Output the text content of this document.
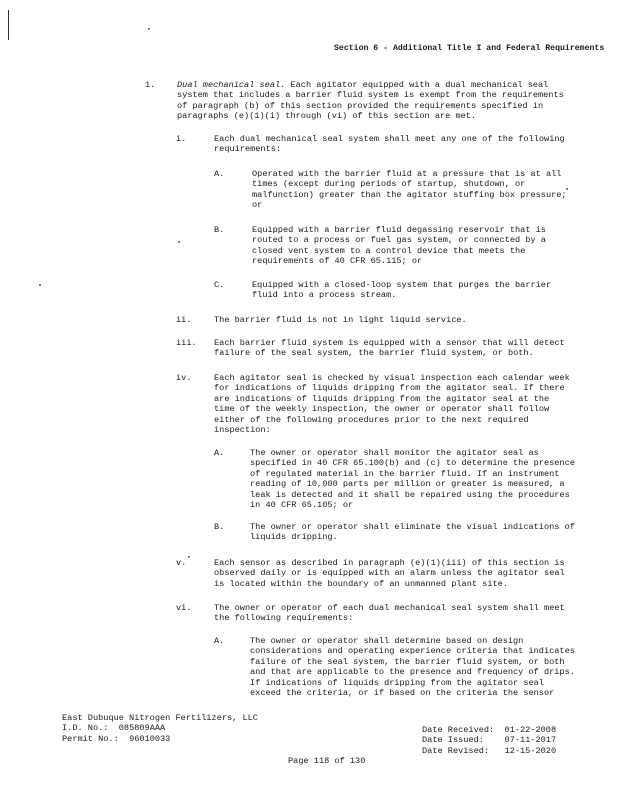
Section 6 - Additional Title I and Federal Requirements
1.	Dual mechanical seal. Each agitator equipped with a dual mechanical seal
system that includes a barrier fluid system is exempt from the requirements
of paragraph (b) of this section provided the requirements specified in
paragraphs (e)(1)(i) through (vi) of this section are met.
i.	Each dual mechanical seal system shall meet any one of the following
requirements:
A.	Operated with the barrier fluid at a pressure that is at all
times (except during periods of startup, shutdown, or
malfunction) greater than the agitator stuffing box pressure;
or
B.	Equipped with a barrier fluid degassing reservoir that is
routed to a process or fuel gas system, or connected by a
closed vent system to a control device that meets the
requirements of 40 CFR 65.115; or
C.	Equipped with a closed-loop system that purges the barrier
fluid into a process stream.
ii.	The barrier fluid is not in light liquid service.
iii. Each barrier fluid system is equipped with a sensor that will detect
failure of the seal system, the barrier fluid system, or both.
iv.	Each agitator seal is checked by visual inspection each calendar week
for indications of liquids dripping from the agitator seal. If there
are indications of liquids dripping from the agitator seal at the
time of the weekly inspection, the owner or operator shall follow
either of the following procedures prior to the next required
inspection:
A.	The owner or operator shall monitor the agitator seal as
specified in 40 CFR 65.100(b) and (c) to determine the presence
of regulated material in the barrier fluid. If an instrument
reading of 10,000 parts per million or greater is measured, a
leak is detected and it shall be repaired using the procedures
in 40 CFR 65.105; or
B.	The owner or operator shall eliminate the visual indications of
liquids dripping.
v.	Each sensor as described in paragraph (e)(1)(iii) of this section is
observed daily or is equipped with an alarm unless the agitator seal
is located within the boundary of an unmanned plant site.
vi.	The owner or operator of each dual mechanical seal system shall meet
the following requirements:
A.	The owner or operator shall determine based on design
considerations and operating experience criteria that indicates
failure of the seal system, the barrier fluid system, or both
and that are applicable to the presence and frequency of drips.
If indications of liquids dripping from the agitator seal
exceed the criteria, or if based on the criteria the sensor
East Dubuque Nitrogen Fertilizers, LLC
I.D. No.: 085809AAA
Permit No.: 96010033
Date Received: 01-22-2008
Date Issued: 07-11-2017
Date Revised: 12-15-2020
Page 118 of 130
